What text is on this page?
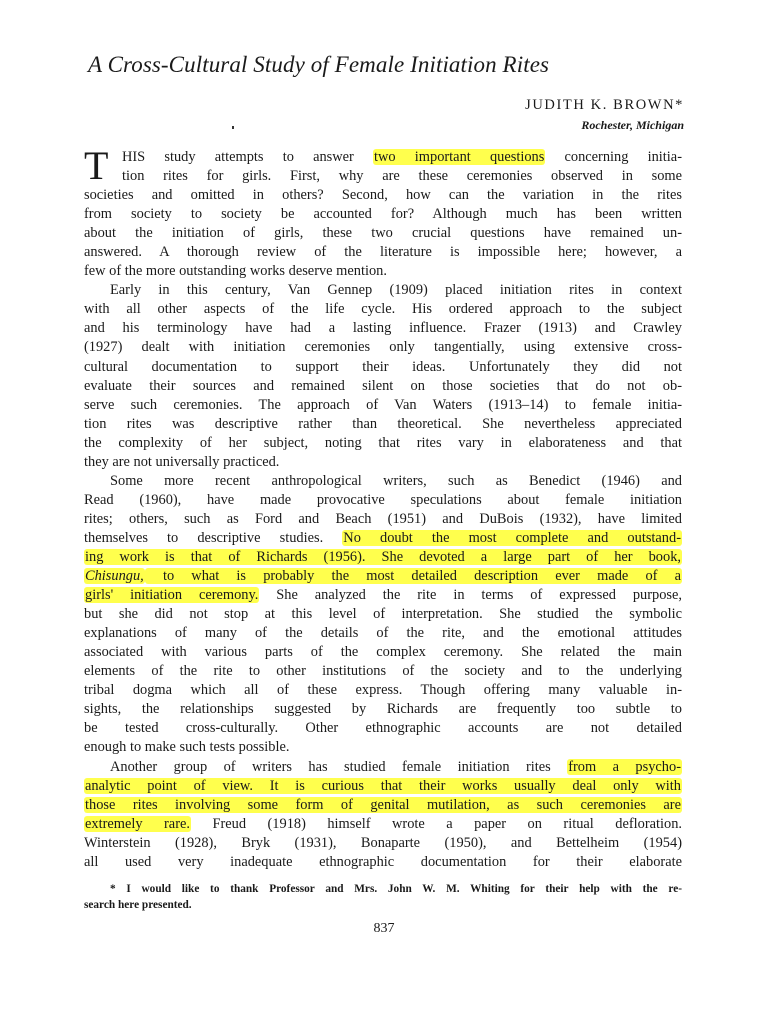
A Cross-Cultural Study of Female Initiation Rites
JUDITH K. BROWN*
Rochester, Michigan
T HIS study attempts to answer two important questions concerning initia-
tion rites for girls. First, why are these ceremonies observed in some
societies and omitted in others? Second, how can the variation in the rites
from society to society be accounted for? Although much has been written
about the initiation of girls, these two crucial questions have remained un-
answered. A thorough review of the literature is impossible here; however, a
few of the more outstanding works deserve mention.
Early in this century, Van Gennep (1909) placed initiation rites in context
with all other aspects of the life cycle. His ordered approach to the subject
and his terminology have had a lasting influence. Frazer (1913) and Crawley
(1927) dealt with initiation ceremonies only tangentially, using extensive cross-
cultural documentation to support their ideas. Unfortunately they did not
evaluate their sources and remained silent on those societies that do not ob-
serve such ceremonies. The approach of Van Waters (1913–14) to female initia-
tion rites was descriptive rather than theoretical. She nevertheless appreciated
the complexity of her subject, noting that rites vary in elaborateness and that
they are not universally practiced.
Some more recent anthropological writers, such as Benedict (1946) and
Read (1960), have made provocative speculations about female initiation
rites; others, such as Ford and Beach (1951) and DuBois (1932), have limited
themselves to descriptive studies. No doubt the most complete and outstand-
ing work is that of Richards (1956). She devoted a large part of her book,
Chisungu, to what is probably the most detailed description ever made of a
girls' initiation ceremony. She analyzed the rite in terms of expressed purpose,
but she did not stop at this level of interpretation. She studied the symbolic
explanations of many of the details of the rite, and the emotional attitudes
associated with various parts of the complex ceremony. She related the main
elements of the rite to other institutions of the society and to the underlying
tribal dogma which all of these express. Though offering many valuable in-
sights, the relationships suggested by Richards are frequently too subtle to
be tested cross-culturally. Other ethnographic accounts are not detailed
enough to make such tests possible.
Another group of writers has studied female initiation rites from a psycho-
analytic point of view. It is curious that their works usually deal only with
those rites involving some form of genital mutilation, as such ceremonies are
extremely rare. Freud (1918) himself wrote a paper on ritual defloration.
Winterstein (1928), Bryk (1931), Bonaparte (1950), and Bettelheim (1954)
all used very inadequate ethnographic documentation for their elaborate
* I would like to thank Professor and Mrs. John W. M. Whiting for their help with the re-
search here presented.
837
